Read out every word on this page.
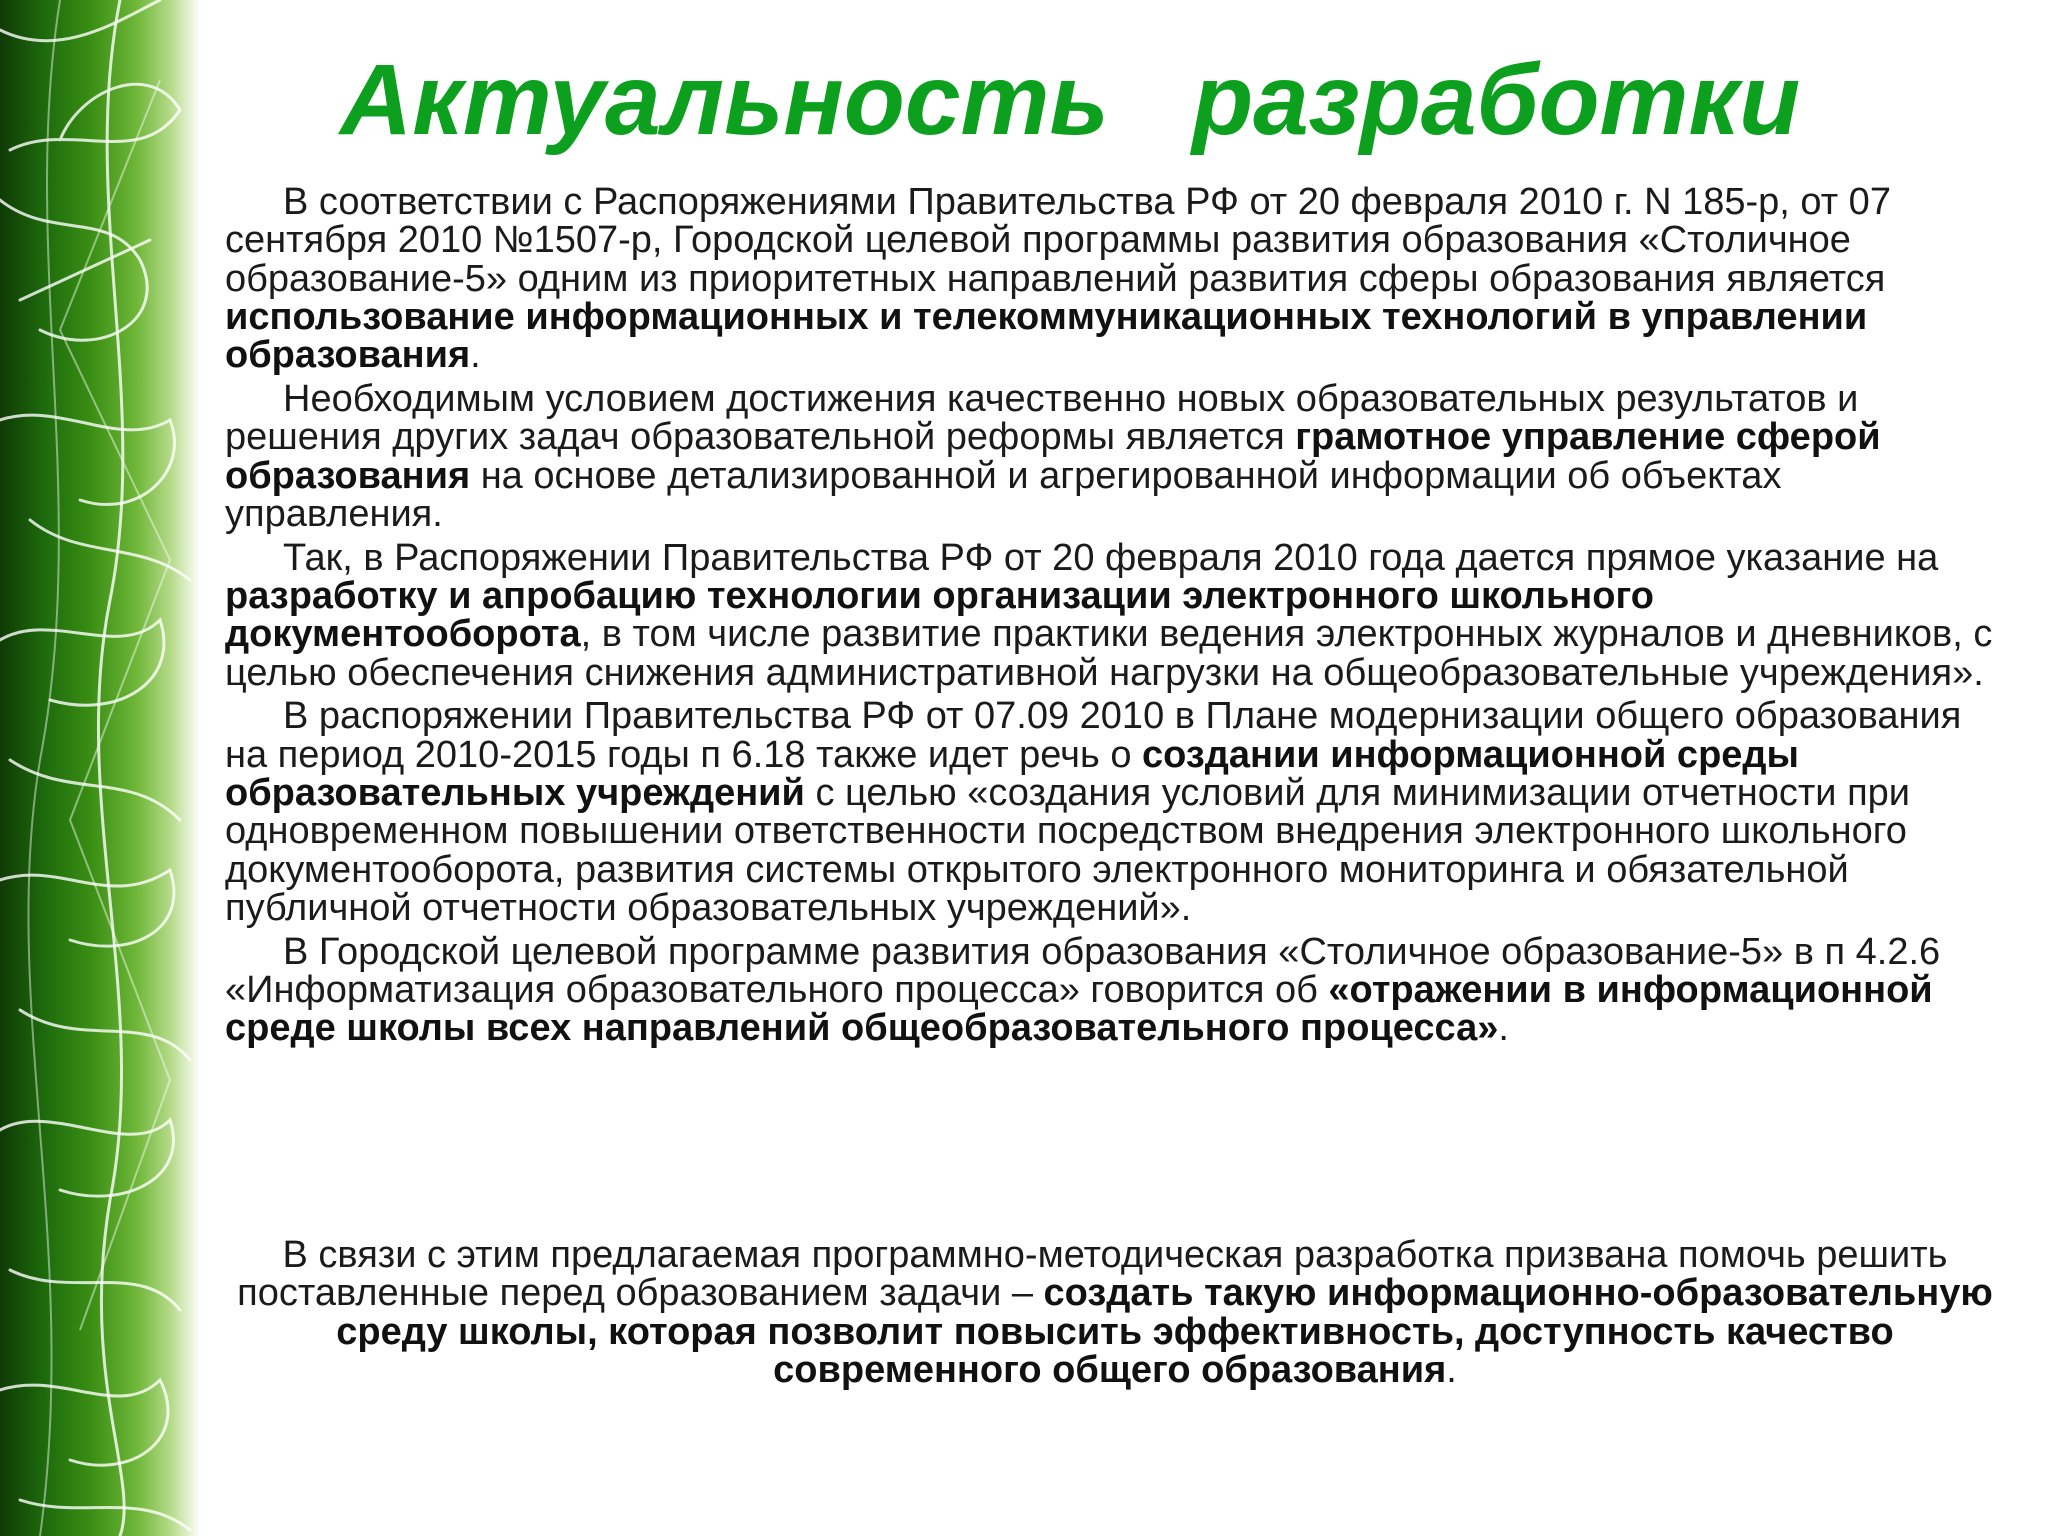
Актуальность   разработки

В соответствии с Распоряжениями Правительства РФ от 20 февраля 2010 г. N 185-р, от 07 сентября 2010 №1507-р, Городской целевой программы развития образования «Столичное образование-5» одним из приоритетных направлений развития сферы образования является использование информационных и телекоммуникационных технологий в управлении образования.

Необходимым условием достижения качественно новых образовательных результатов и решения других задач образовательной реформы является грамотное управление сферой образования на основе детализированной и агрегированной информации об объектах управления.

Так, в Распоряжении Правительства РФ от 20 февраля 2010 года дается прямое указание на разработку и апробацию технологии организации электронного школьного документооборота, в том числе развитие практики ведения электронных журналов и дневников, с целью обеспечения снижения административной нагрузки на общеобразовательные учреждения».

В распоряжении Правительства РФ от 07.09 2010 в Плане модернизации общего образования на период 2010-2015 годы п 6.18 также идет речь о создании информационной среды образовательных учреждений с целью «создания условий для минимизации отчетности при одновременном повышении ответственности посредством внедрения электронного школьного документооборота, развития системы открытого электронного мониторинга и обязательной публичной отчетности образовательных учреждений».

В Городской целевой программе развития образования «Столичное образование-5» в п 4.2.6 «Информатизация образовательного процесса» говорится об «отражении в информационной среде школы всех направлений общеобразовательного процесса».

В связи с этим предлагаемая программно-методическая разработка призвана помочь решить поставленные перед образованием задачи – создать такую информационно-образовательную среду школы, которая позволит повысить эффективность, доступность качество современного общего образования.
